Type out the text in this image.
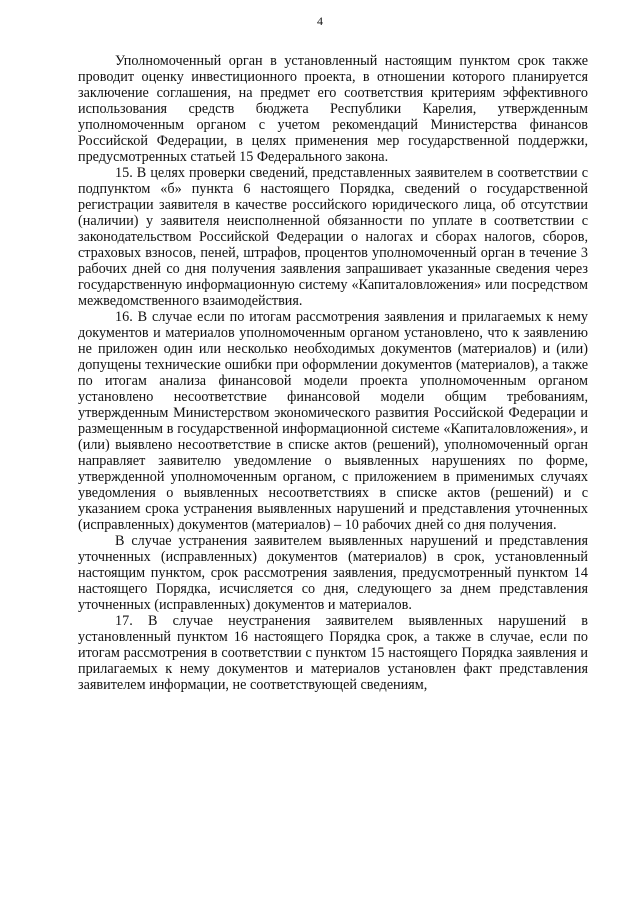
4

Уполномоченный орган в установленный настоящим пунктом срок также проводит оценку инвестиционного проекта, в отношении которого планируется заключение соглашения, на предмет его соответствия критериям эффективного использования средств бюджета Республики Карелия, утвержденным уполномоченным органом с учетом рекомендаций Министерства финансов Российской Федерации, в целях применения мер государственной поддержки, предусмотренных статьей 15 Федерального закона.

15. В целях проверки сведений, представленных заявителем в соответствии с подпунктом «б» пункта 6 настоящего Порядка, сведений о государственной регистрации заявителя в качестве российского юридического лица, об отсутствии (наличии) у заявителя неисполненной обязанности по уплате в соответствии с законодательством Российской Федерации о налогах и сборах налогов, сборов, страховых взносов, пеней, штрафов, процентов уполномоченный орган в течение 3 рабочих дней со дня получения заявления запрашивает указанные сведения через государственную информационную систему «Капиталовложения» или посредством межведомственного взаимодействия.

16. В случае если по итогам рассмотрения заявления и прилагаемых к нему документов и материалов уполномоченным органом установлено, что к заявлению не приложен один или несколько необходимых документов (материалов) и (или) допущены технические ошибки при оформлении документов (материалов), а также по итогам анализа финансовой модели проекта уполномоченным органом установлено несоответствие финансовой модели общим требованиям, утвержденным Министерством экономического развития Российской Федерации и размещенным в государственной информационной системе «Капиталовложения», и (или) выявлено несоответствие в списке актов (решений), уполномоченный орган направляет заявителю уведомление о выявленных нарушениях по форме, утвержденной уполномоченным органом, с приложением в применимых случаях уведомления о выявленных несоответствиях в списке актов (решений) и с указанием срока устранения выявленных нарушений и представления уточненных (исправленных) документов (материалов) – 10 рабочих дней со дня получения.

В случае устранения заявителем выявленных нарушений и представления уточненных (исправленных) документов (материалов) в срок, установленный настоящим пунктом, срок рассмотрения заявления, предусмотренный пунктом 14 настоящего Порядка, исчисляется со дня, следующего за днем представления уточненных (исправленных) документов и материалов.

17. В случае неустранения заявителем выявленных нарушений в установленный пунктом 16 настоящего Порядка срок, а также в случае, если по итогам рассмотрения в соответствии с пунктом 15 настоящего Порядка заявления и прилагаемых к нему документов и материалов установлен факт представления заявителем информации, не соответствующей сведениям,
